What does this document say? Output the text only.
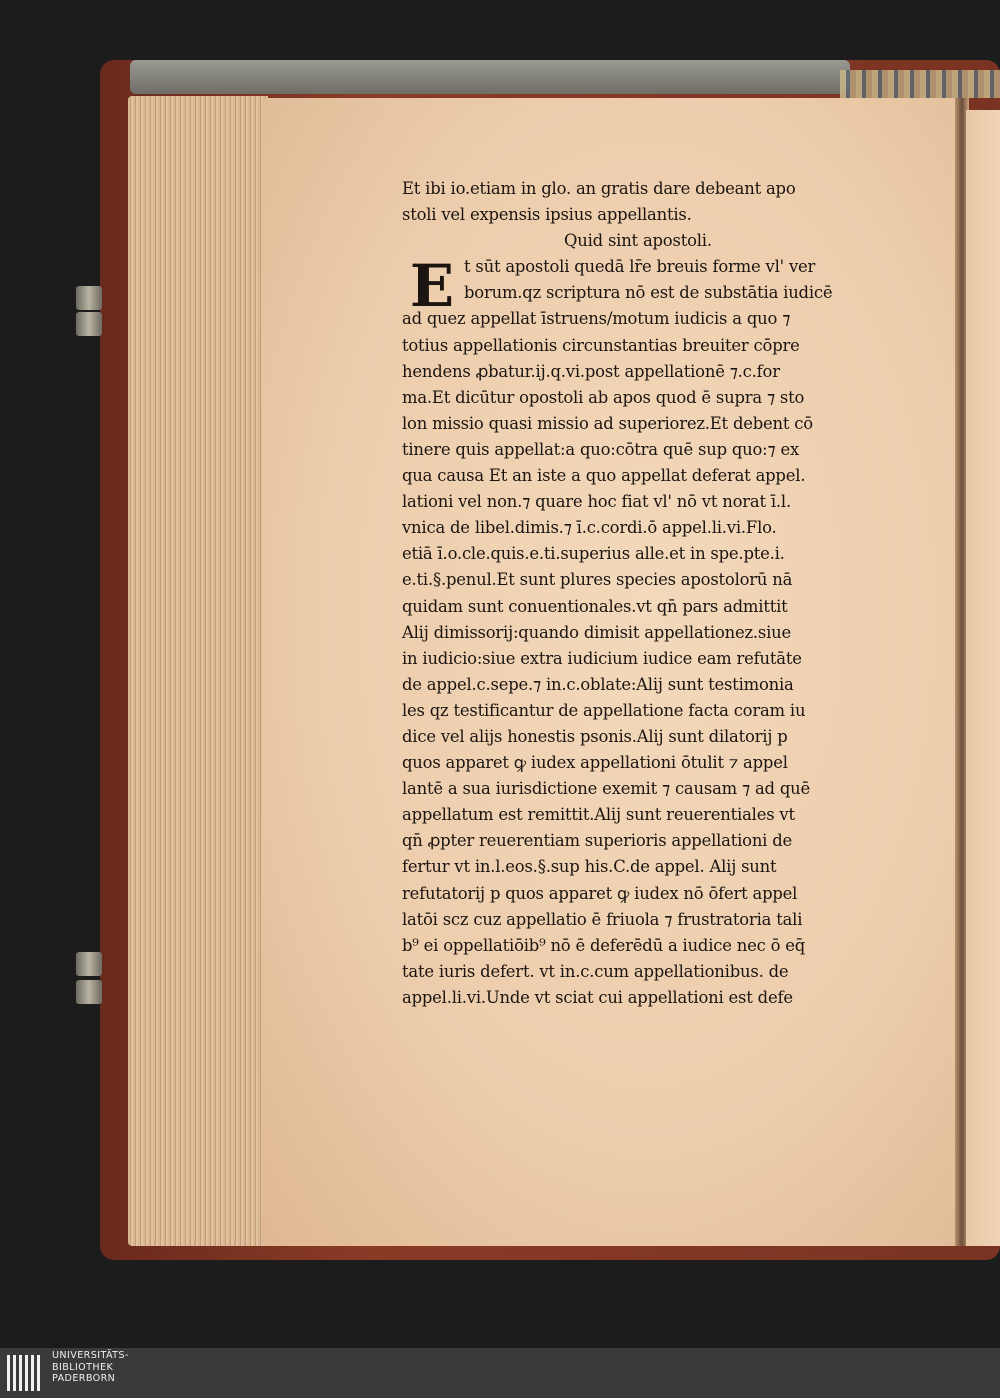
E
Et ibi io.etiam in glo. an gratis dare debeant apo
stoli vel expensis ipsius appellantis.
Quid sint apostoli.
t sūt apostoli quedā lr̄e breuis forme vl' ver
borum.qz scriptura nō est de substātia iudicē
ad quez appellat īstruens/motum iudicis a quo ⁊
totius appellationis circunstantias breuiter cōpre
hendens ꝓbatur.ij.q.vi.post appellationē ⁊.c.for
ma.Et dicūtur opostoli ab apos quod ē supra ⁊ sto
lon missio quasi missio ad superiorez.Et debent cō
tinere quis appellat:a quo:cōtra quē sup quo:⁊ ex
qua causa Et an iste a quo appellat deferat appel.
lationi vel non.⁊ quare hoc fiat vl' nō vt norat ī.l.
vnica de libel.dimis.⁊ ī.c.cordi.ō appel.li.vi.Flo.
etiā ī.o.cle.quis.e.ti.superius alle.et in spe.pte.i.
e.ti.§.penul.Et sunt plures species apostolorū nā
quidam sunt conuentionales.vt qn̄ pars admittit
Alij dimissorij:quando dimisit appellationez.siue
in iudicio:siue extra iudicium iudice eam refutāte
de appel.c.sepe.⁊ in.c.oblate:Alij sunt testimonia
les qz testificantur de appellatione facta coram iu
dice vel alijs honestis psonis.Alij sunt dilatorij p
quos apparet ꝙ iudex appellationi ōtulit ⁊ appel
lantē a sua iurisdictione exemit ⁊ causam ⁊ ad quē
appellatum est remittit.Alij sunt reuerentiales vt
qn̄ ꝓpter reuerentiam superioris appellationi de
fertur vt in.l.eos.§.sup his.C.de appel. Alij sunt
refutatorij p quos apparet ꝙ iudex nō ōfert appel
latōi scz cuz appellatio ē friuola ⁊ frustratoria tali
b⁹ ei oppellatiōib⁹ nō ē deferēdū a iudice nec ō eq̄
tate iuris defert. vt in.c.cum appellationibus. de
appel.li.vi.Unde vt sciat cui appellationi est defe
UNIVERSITÄTS-
BIBLIOTHEK
PADERBORN
